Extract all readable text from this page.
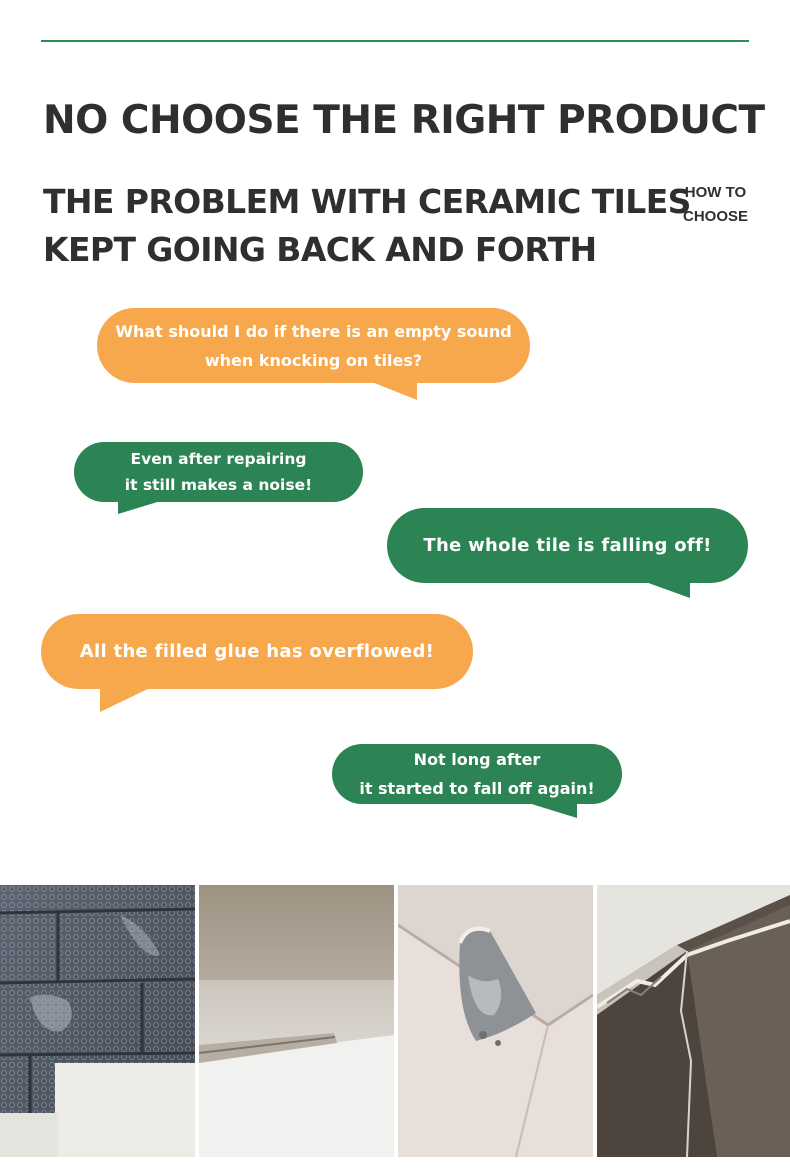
NO CHOOSE THE RIGHT PRODUCT
THE PROBLEM WITH CERAMIC TILES
KEPT GOING BACK AND FORTH
HOW TO
CHOOSE
What should I do if there is an empty sound
when knocking on tiles?
Even after repairing
it still makes a noise!
The whole tile is falling off!
All the filled glue has overflowed!
Not long after
it started to fall off again!
